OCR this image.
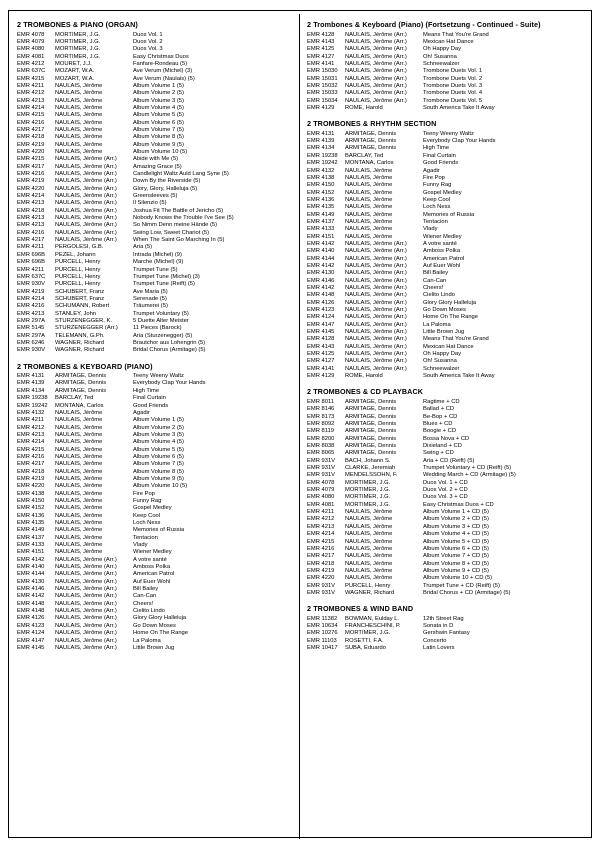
2 TROMBONES & PIANO (ORGAN)
EMR 4078	MORTIMER, J.G.	Duos Vol. 1
EMR 4079	MORTIMER, J.G.	Duos Vol. 2
EMR 4080	MORTIMER, J.G.	Duos Vol. 3
EMR 4081	MORTIMER, J.G.	Easy Christmas Duos
EMR 4212	MOURET, J.J.	Fanfare-Rondeau (5)
EMR 637C	MOZART, W.A.	Ave Verum (Michel) (3)
EMR 4215	MOZART, W.A.	Ave Verum (Naulais) (5)
EMR 4211	NAULAIS, Jérôme	Album Volume 1 (5)
EMR 4212	NAULAIS, Jérôme	Album Volume 2 (5)
EMR 4213	NAULAIS, Jérôme	Album Volume 3 (5)
EMR 4214	NAULAIS, Jérôme	Album Volume 4 (5)
EMR 4215	NAULAIS, Jérôme	Album Volume 5 (5)
EMR 4216	NAULAIS, Jérôme	Album Volume 6 (5)
EMR 4217	NAULAIS, Jérôme	Album Volume 7 (5)
EMR 4218	NAULAIS, Jérôme	Album Volume 8 (5)
EMR 4219	NAULAIS, Jérôme	Album Volume 9 (5)
EMR 4220	NAULAIS, Jérôme	Album Volume 10 (5)
EMR 4215	NAULAIS, Jérôme (Arr.)	Abide with Me (5)
EMR 4217	NAULAIS, Jérôme (Arr.)	Amazing Grace (5)
EMR 4216	NAULAIS, Jérôme (Arr.)	Candlelight Waltz Auld Lang Syne (5)
EMR 4219	NAULAIS, Jérôme (Arr.)	Down By the Riverside (5)
EMR 4220	NAULAIS, Jérôme (Arr.)	Glory, Glory, Halleluja (5)
EMR 4214	NAULAIS, Jérôme (Arr.)	Greensleeves (5)
EMR 4213	NAULAIS, Jérôme (Arr.)	Il Silenzio (5)
EMR 4218	NAULAIS, Jérôme (Arr.)	Joshua Fit The Battle of Jericho (5)
EMR 4213	NAULAIS, Jérôme (Arr.)	Nobody Knows the Trouble I've See (5)
EMR 4213	NAULAIS, Jérôme (Arr.)	So Nimm Denn meine Hände (5)
EMR 4216	NAULAIS, Jérôme (Arr.)	Swing Low, Sweet Chariot (5)
EMR 4217	NAULAIS, Jérôme (Arr.)	When The Saint Go Marching In (5)
EMR 4211	PERGOLESI, G.B.	Aria (5)
EMR 696B	PEZEL, Johann	Intrada (Michel) (9)
EMR 696B	PURCELL, Henry	Marche (Michel) (9)
EMR 4211	PURCELL, Henry	Trumpet Tune (5)
EMR 637C	PURCELL, Henry	Trumpet Tune (Michel) (3)
EMR 930V	PURCELL, Henry	Trumpet Tune (Reift) (5)
EMR 4219	SCHUBERT, Franz	Ave Maria (5)
EMR 4214	SCHUBERT, Franz	Serenade (5)
EMR 4216	SCHUMANN, Robert	Träumerei (5)
EMR 4213	STANLEY, John	Trumpet Voluntary (5)
EMR 297A	STURZENEGGER, K.	5 Duette Alter Meister
EMR 5145	STURZENEGGER (Arr.)	11 Pieces (Barock)
EMR 297A	TELEMANN, G.Ph.	Aria (Sturzenegger) (5)
EMR 6246	WAGNER, Richard	Brautchor aus Lohengrin (5)
EMR 930V	WAGNER, Richard	Bridal Chorus (Armitage) (5)
2 TROMBONES & KEYBOARD (PIANO)
EMR 4131	ARMITAGE, Dennis	Teeny Weeny Waltz
EMR 4139	ARMITAGE, Dennis	Everybody Clap Your Hands
EMR 4134	ARMITAGE, Dennis	High Time
EMR 19238	BARCLAY, Ted	Final Curtain
EMR 19242	MONTANA, Carlos	Good Friends
EMR 4132	NAULAIS, Jérôme	Agadir
EMR 4211	NAULAIS, Jérôme	Album Volume 1 (5)
EMR 4212	NAULAIS, Jérôme	Album Volume 2 (5)
EMR 4213	NAULAIS, Jérôme	Album Volume 3 (5)
EMR 4214	NAULAIS, Jérôme	Album Volume 4 (5)
EMR 4215	NAULAIS, Jérôme	Album Volume 5 (5)
EMR 4216	NAULAIS, Jérôme	Album Volume 6 (5)
EMR 4217	NAULAIS, Jérôme	Album Volume 7 (5)
EMR 4218	NAULAIS, Jérôme	Album Volume 8 (5)
EMR 4219	NAULAIS, Jérôme	Album Volume 9 (5)
EMR 4220	NAULAIS, Jérôme	Album Volume 10 (5)
EMR 4138	NAULAIS, Jérôme	Fire Pop
EMR 4150	NAULAIS, Jérôme	Funny Rag
EMR 4152	NAULAIS, Jérôme	Gospel Medley
EMR 4136	NAULAIS, Jérôme	Keep Cool
EMR 4135	NAULAIS, Jérôme	Loch Ness
EMR 4149	NAULAIS, Jérôme	Memories of Russia
EMR 4137	NAULAIS, Jérôme	Tentacion
EMR 4133	NAULAIS, Jérôme	Vlady
EMR 4151	NAULAIS, Jérôme	Wiener Medley
EMR 4142	NAULAIS, Jérôme (Arr.)	A votre santé
EMR 4140	NAULAIS, Jérôme (Arr.)	Amboss Polka
EMR 4144	NAULAIS, Jérôme (Arr.)	American Patrol
EMR 4130	NAULAIS, Jérôme (Arr.)	Auf Euer Wohl
EMR 4146	NAULAIS, Jérôme (Arr.)	Bill Bailey
EMR 4142	NAULAIS, Jérôme (Arr.)	Can-Can
EMR 4148	NAULAIS, Jérôme (Arr.)	Cheers!
EMR 4148	NAULAIS, Jérôme (Arr.)	Cielito Lindo
EMR 4126	NAULAIS, Jérôme (Arr.)	Glory Glory Halleluja
EMR 4123	NAULAIS, Jérôme (Arr.)	Go Down Moses
EMR 4124	NAULAIS, Jérôme (Arr.)	Home On The Range
EMR 4147	NAULAIS, Jérôme (Arr.)	La Paloma
EMR 4145	NAULAIS, Jérôme (Arr.)	Little Brown Jug
2 Trombones & Keyboard (Piano) (Fortsetzung - Continued - Suite)
EMR 4128	NAULAIS, Jérôme (Arr.)	Means That You're Grand
EMR 4143	NAULAIS, Jérôme (Arr.)	Mexican Hat Dance
EMR 4125	NAULAIS, Jérôme (Arr.)	Oh Happy Day
EMR 4127	NAULAIS, Jérôme (Arr.)	Oh! Susanna
EMR 4141	NAULAIS, Jérôme (Arr.)	Schneewalzer
EMR 15030	NAULAIS, Jérôme (Arr.)	Trombone Duets Vol. 1
EMR 15031	NAULAIS, Jérôme (Arr.)	Trombone Duets Vol. 2
EMR 15032	NAULAIS, Jérôme (Arr.)	Trombone Duets Vol. 3
EMR 15033	NAULAIS, Jérôme (Arr.)	Trombone Duets Vol. 4
EMR 15034	NAULAIS, Jérôme (Arr.)	Trombone Duets Vol. 5
EMR 4129	ROME, Harold	South America Take It Away
2 TROMBONES & RHYTHM SECTION
EMR 4131	ARMITAGE, Dennis	Teeny Weeny Waltz
EMR 4139	ARMITAGE, Dennis	Everybody Clap Your Hands
EMR 4134	ARMITAGE, Dennis	High Time
EMR 19238	BARCLAY, Ted	Final Curtain
EMR 19242	MONTANA, Carlos	Good Friends
EMR 4132	NAULAIS, Jérôme	Agadir
EMR 4138	NAULAIS, Jérôme	Fire Pop
EMR 4150	NAULAIS, Jérôme	Funny Rag
EMR 4152	NAULAIS, Jérôme	Gospel Medley
EMR 4136	NAULAIS, Jérôme	Keep Cool
EMR 4135	NAULAIS, Jérôme	Loch Ness
EMR 4149	NAULAIS, Jérôme	Memories of Russia
EMR 4137	NAULAIS, Jérôme	Tentacion
EMR 4133	NAULAIS, Jérôme	Vlady
EMR 4151	NAULAIS, Jérôme	Wiener Medley
EMR 4142	NAULAIS, Jérôme (Arr.)	A votre santé
EMR 4140	NAULAIS, Jérôme (Arr.)	Amboss Polka
EMR 4144	NAULAIS, Jérôme (Arr.)	American Patrol
EMR 4142	NAULAIS, Jérôme (Arr.)	Auf Euer Wohl
EMR 4130	NAULAIS, Jérôme (Arr.)	Bill Bailey
EMR 4146	NAULAIS, Jérôme (Arr.)	Can-Can
EMR 4142	NAULAIS, Jérôme (Arr.)	Cheers!
EMR 4148	NAULAIS, Jérôme (Arr.)	Cielito Lindo
EMR 4126	NAULAIS, Jérôme (Arr.)	Glory Glory Halleluja
EMR 4123	NAULAIS, Jérôme (Arr.)	Go Down Moses
EMR 4124	NAULAIS, Jérôme (Arr.)	Home On The Range
EMR 4147	NAULAIS, Jérôme (Arr.)	La Paloma
EMR 4145	NAULAIS, Jérôme (Arr.)	Little Brown Jug
EMR 4128	NAULAIS, Jérôme (Arr.)	Means That You're Grand
EMR 4143	NAULAIS, Jérôme (Arr.)	Mexican Hat Dance
EMR 4125	NAULAIS, Jérôme (Arr.)	Oh Happy Day
EMR 4127	NAULAIS, Jérôme (Arr.)	Oh! Susanna
EMR 4141	NAULAIS, Jérôme (Arr.)	Schneewalzer
EMR 4129	ROME, Harold	South America Take It Away
2 TROMBONES & CD PLAYBACK
EMR 8011	ARMITAGE, Dennis	Ragtime + CD
EMR 8146	ARMITAGE, Dennis	Ballad + CD
EMR 8173	ARMITAGE, Dennis	Be-Bop + CD
EMR 8092	ARMITAGE, Dennis	Blues + CD
EMR 8119	ARMITAGE, Dennis	Boogie + CD
EMR 8200	ARMITAGE, Dennis	Bossa Nova + CD
EMR 8038	ARMITAGE, Dennis	Dixieland + CD
EMR 8065	ARMITAGE, Dennis	Swing + CD
EMR 931V	BACH, Johann S.	Aria + CD (Reift) (5)
EMR 931V	CLARKE, Jeremiah	Trumpet Voluntary + CD (Reift) (5)
EMR 931V	MENDELSSOHN, F.	Wedding March + CD (Armitage) (5)
EMR 4078	MORTIMER, J.G.	Duos Vol. 1 + CD
EMR 4079	MORTIMER, J.G.	Duos Vol. 2 + CD
EMR 4080	MORTIMER, J.G.	Duos Vol. 3 + CD
EMR 4081	MORTIMER, J.G.	Easy Christmas Duos + CD
EMR 4211	NAULAIS, Jérôme	Album Volume 1 + CD (5)
EMR 4212	NAULAIS, Jérôme	Album Volume 2 + CD (5)
EMR 4213	NAULAIS, Jérôme	Album Volume 3 + CD (5)
EMR 4214	NAULAIS, Jérôme	Album Volume 4 + CD (5)
EMR 4215	NAULAIS, Jérôme	Album Volume 5 + CD (5)
EMR 4216	NAULAIS, Jérôme	Album Volume 6 + CD (5)
EMR 4217	NAULAIS, Jérôme	Album Volume 7 + CD (5)
EMR 4218	NAULAIS, Jérôme	Album Volume 8 + CD (5)
EMR 4219	NAULAIS, Jérôme	Album Volume 9 + CD (5)
EMR 4220	NAULAIS, Jérôme	Album Volume 10 + CD (5)
EMR 931V	PURCELL, Henry	Trumpet Tune + CD (Reift) (5)
EMR 931V	WAGNER, Richard	Bridal Chorus + CD (Armitage) (5)
2 TROMBONES & WIND BAND
EMR 11382	BOWMAN, Eulday L.	12th Street Rag
EMR 10634	FRANCHESCHINI, P.	Sonata in D
EMR 10276	MORTIMER, J.G.	Gershwin Fantasy
EMR 11103	ROSETTI, F.A.	Concerto
EMR 10417	SUBA, Eduardo	Latin Lovers
